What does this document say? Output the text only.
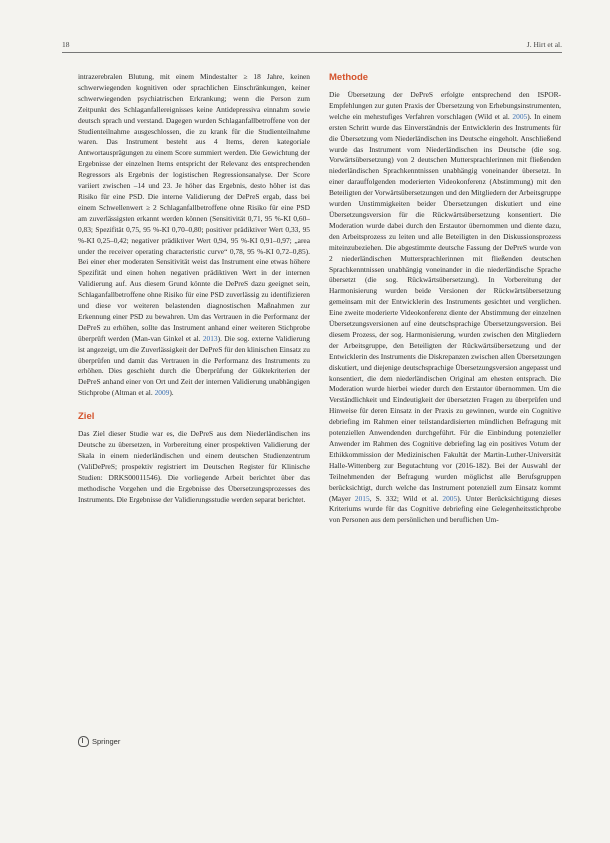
18	J. Hirt et al.

intrazerebralen Blutung, mit einem Mindestalter ≥ 18 Jahre, keinen schwerwiegenden kognitiven oder sprachlichen Einschränkungen, keiner schwerwiegenden psychiatrischen Erkrankung; wenn die Person zum Zeitpunkt des Schlaganfallereignisses keine Antidepressiva einnahm sowie deutsch sprach und verstand. Dagegen wurden Schlaganfallbetroffene von der Studienteilnahme ausgeschlossen, die zu krank für die Studienteilnahme waren. Das Instrument besteht aus 4 Items, deren kategoriale Antwortausprägungen zu einem Score summiert werden. Die Gewichtung der Ergebnisse der einzelnen Items entspricht der Relevanz des entsprechenden Regressors als Ergebnis der logistischen Regressionsanalyse. Der Score variiert zwischen –14 und 23. Je höher das Ergebnis, desto höher ist das Risiko für eine PSD. Die interne Validierung der DePreS ergab, dass bei einem Schwellenwert ≥ 2 Schlaganfallbetroffene ohne Risiko für eine PSD am zuverlässigsten erkannt werden können (Sensitivität 0,71, 95 %-KI 0,60–0,83; Spezifität 0,75, 95 %-KI 0,70–0,80; positiver prädiktiver Wert 0,33, 95 %-KI 0,25–0,42; negativer prädiktiver Wert 0,94, 95 %-KI 0,91–0,97; „area under the receiver operating characteristic curve“ 0,78, 95 %-KI 0,72–0,85). Bei einer eher moderaten Sensitivität weist das Instrument eine etwas höhere Spezifität und einen hohen negativen prädiktiven Wert in der internen Validierung auf. Aus diesem Grund könnte die DePreS dazu geeignet sein, Schlaganfallbetroffene ohne Risiko für eine PSD zuverlässig zu identifizieren und diese vor weiteren belastenden diagnostischen Maßnahmen zur Erkennung einer PSD zu bewahren. Um das Vertrauen in die Performanz der DePreS zu erhöhen, sollte das Instrument anhand einer weiteren Stichprobe überprüft werden (Man-van Ginkel et al. 2013). Die sog. externe Validierung ist angezeigt, um die Zuverlässigkeit der DePreS für den klinischen Einsatz zu überprüfen und damit das Vertrauen in die Performanz des Instruments zu erhöhen. Dies geschieht durch die Überprüfung der Güktekriterien der DePreS anhand einer von Ort und Zeit der internen Validierung unabhängigen Stichprobe (Altman et al. 2009).

Ziel

Das Ziel dieser Studie war es, die DePreS aus dem Niederländischen ins Deutsche zu übersetzen, in Vorbereitung einer prospektiven Validierung der Skala in einem niederländischen und einem deutschen Studienzentrum (ValiDePreS; prospektiv registriert im Deutschen Register für Klinische Studien: DRKS00011546). Die vorliegende Arbeit berichtet über das methodische Vorgehen und die Ergebnisse des Übersetzungsprozesses des Instruments. Die Ergebnisse der Validierungsstudie werden separat berichtet.

Methode

Die Übersetzung der DePreS erfolgte entsprechend den ISPOR-Empfehlungen zur guten Praxis der Übersetzung von Erhebungsinstrumenten, welche ein mehrstufiges Verfahren vorschlagen (Wild et al. 2005). In einem ersten Schritt wurde das Einverständnis der Entwicklerin des Instruments für die Übersetzung vom Niederländischen ins Deutsche eingeholt. Anschließend wurde das Instrument vom Niederländischen ins Deutsche (die sog. Vorwärtsübersetzung) von 2 deutschen Muttersprachlerinnen mit fließenden niederländischen Sprachkenntnissen unabhängig voneinander übersetzt. In einer darauffolgenden moderierten Videokonferenz (Abstimmung) mit den Beteiligten der Vorwärtsübersetzungen und den Mitgliedern der Arbeitsgruppe wurden Unstimmigkeiten beider Übersetzungen diskutiert und eine Übersetzungsversion für die Rückwärtsübersetzung konsentiert. Die Moderation wurde dabei durch den Erstautor übernommen und diente dazu, den Arbeitsprozess zu leiten und alle Beteiligten in den Diskussionsprozess miteinzubeziehen. Die abgestimmte deutsche Fassung der DePreS wurde von 2 niederländischen Muttersprachlerinnen mit fließenden deutschen Sprachkenntnissen unabhängig voneinander in die niederländische Sprache übersetzt (die sog. Rückwärtsübersetzung). In Vorbereitung der Harmonisierung wurden beide Versionen der Rückwärtsübersetzung gemeinsam mit der Entwicklerin des Instruments gesichtet und verglichen. Eine zweite moderierte Videokonferenz diente der Abstimmung der einzelnen Übersetzungsversionen auf eine deutschsprachige Übersetzungsversion. Bei diesem Prozess, der sog. Harmonisierung, wurden zwischen den Mitgliedern der Arbeitsgruppe, den Beteiligten der Rückwärtsübersetzung und der Entwicklerin des Instruments die Diskrepanzen zwischen allen Übersetzungen diskutiert, und diejenige deutschsprachige Übersetzungsversion angepasst und konsentiert, die dem niederländischen Original am ehesten entsprach. Die Moderation wurde hierbei wieder durch den Erstautor übernommen. Um die Verständlichkeit und Eindeutigkeit der übersetzten Fragen zu überprüfen und Hinweise für deren Einsatz in der Praxis zu gewinnen, wurde ein Cognitive debriefing im Rahmen einer teilstandardisierten mündlichen Befragung mit potenziellen Anwendenden durchgeführt. Für die Einbindung potenzieller Anwender im Rahmen des Cognitive debriefing lag ein positives Votum der Ethikkommission der Medizinischen Fakultät der Martin-Luther-Universität Halle-Wittenberg zur Begutachtung vor (2016-182). Bei der Auswahl der Teilnehmenden der Befragung wurden möglichst alle Berufsgruppen berücksichtigt, durch welche das Instrument potenziell zum Einsatz kommt (Mayer 2015, S. 332; Wild et al. 2005). Unter Berücksichtigung dieses Kriteriums wurde für das Cognitive debriefing eine Gelegenheitsstichprobe von Personen aus dem persönlichen und beruflichen Um-

Springer
